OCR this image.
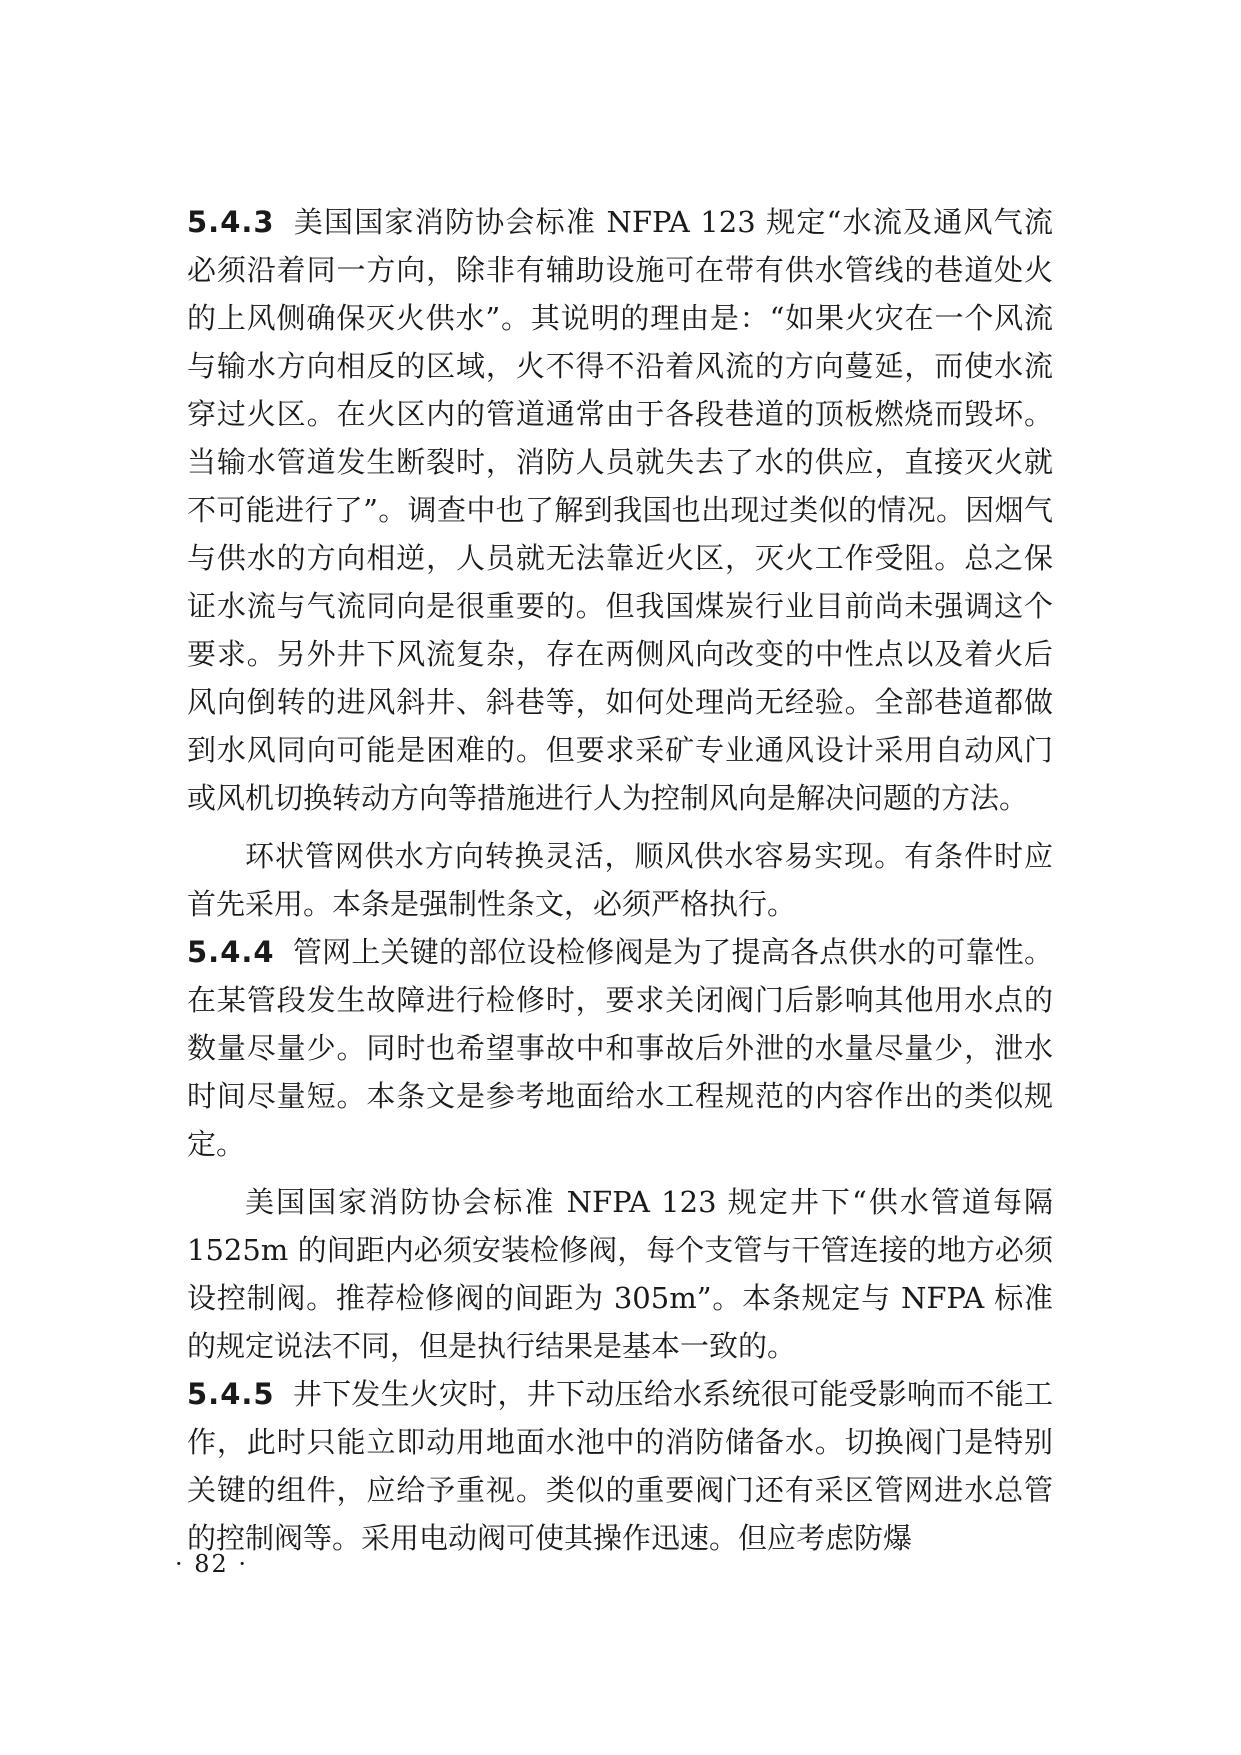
5.4.3 美国国家消防协会标准 NFPA 123 规定“水流及通风气流必须沿着同一方向，除非有辅助设施可在带有供水管线的巷道处火的上风侧确保灭火供水”。其说明的理由是：“如果火灾在一个风流与输水方向相反的区域，火不得不沿着风流的方向蔓延，而使水流穿过火区。在火区内的管道通常由于各段巷道的顶板燃烧而毁坏。当输水管道发生断裂时，消防人员就失去了水的供应，直接灭火就不可能进行了”。调查中也了解到我国也出现过类似的情况。因烟气与供水的方向相逆，人员就无法靠近火区，灭火工作受阻。总之保证水流与气流同向是很重要的。但我国煤炭行业目前尚未强调这个要求。另外井下风流复杂，存在两侧风向改变的中性点以及着火后风向倒转的进风斜井、斜巷等，如何处理尚无经验。全部巷道都做到水风同向可能是困难的。但要求采矿专业通风设计采用自动风门或风机切换转动方向等措施进行人为控制风向是解决问题的方法。

环状管网供水方向转换灵活，顺风供水容易实现。有条件时应首先采用。本条是强制性条文，必须严格执行。

5.4.4 管网上关键的部位设检修阀是为了提高各点供水的可靠性。在某管段发生故障进行检修时，要求关闭阀门后影响其他用水点的数量尽量少。同时也希望事故中和事故后外泄的水量尽量少，泄水时间尽量短。本条文是参考地面给水工程规范的内容作出的类似规定。

美国国家消防协会标准 NFPA 123 规定井下“供水管道每隔 1525m 的间距内必须安装检修阀，每个支管与干管连接的地方必须设控制阀。推荐检修阀的间距为 305m”。本条规定与 NFPA 标准的规定说法不同，但是执行结果是基本一致的。

5.4.5 井下发生火灾时，井下动压给水系统很可能受影响而不能工作，此时只能立即动用地面水池中的消防储备水。切换阀门是特别关键的组件，应给予重视。类似的重要阀门还有采区管网进水总管的控制阀等。采用电动阀可使其操作迅速。但应考虑防爆

· 82 ·
